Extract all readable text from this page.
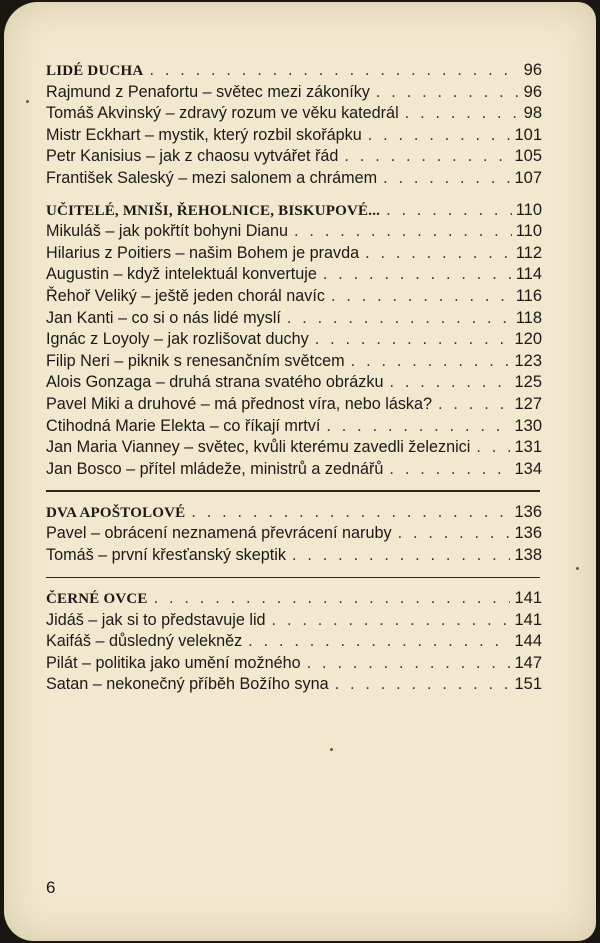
LIDÉ DUCHA . . .	96
Rajmund z Penafortu – světec mezi zákoníky . . .	96
Tomáš Akvinský – zdravý rozum ve věku katedrál . . .	98
Mistr Eckhart – mystik, který rozbil skořápku . . .	101
Petr Kanisius – jak z chaosu vytvářet řád . . .	105
František Saleský – mezi salonem a chrámem . . .	107
UČITELÉ, MNIŠI, ŘEHOLNICE, BISKUPOVÉ... . . .	110
Mikuláš – jak pokřtít bohyni Dianu . . .	110
Hilarius z Poitiers – našim Bohem je pravda . . .	112
Augustin – když intelektuál konvertuje . . .	114
Řehoř Veliký – ještě jeden chorál navíc . . .	116
Jan Kanti – co si o nás lidé myslí . . .	118
Ignác z Loyoly – jak rozlišovat duchy . . .	120
Filip Neri – piknik s renesančním světcem . . .	123
Alois Gonzaga – druhá strana svatého obrázku . . .	125
Pavel Miki a druhové – má přednost víra, nebo láska? . . .	127
Ctihodná Marie Elekta – co říkají mrtví . . .	130
Jan Maria Vianney – světec, kvůli kterému zavedli železnici . . .	131
Jan Bosco – přítel mládeže, ministrů a zednářů . . .	134
DVA APOŠTOLOVÉ . . .	136
Pavel – obrácení neznamená převrácení naruby . . .	136
Tomáš – první křesťanský skeptik . . .	138
ČERNÉ OVCE . . .	141
Jidáš – jak si to představuje lid . . .	141
Kaifáš – důsledný velekněz . . .	144
Pilát – politika jako umění možného . . .	147
Satan – nekonečný příběh Božího syna . . .	151
6
